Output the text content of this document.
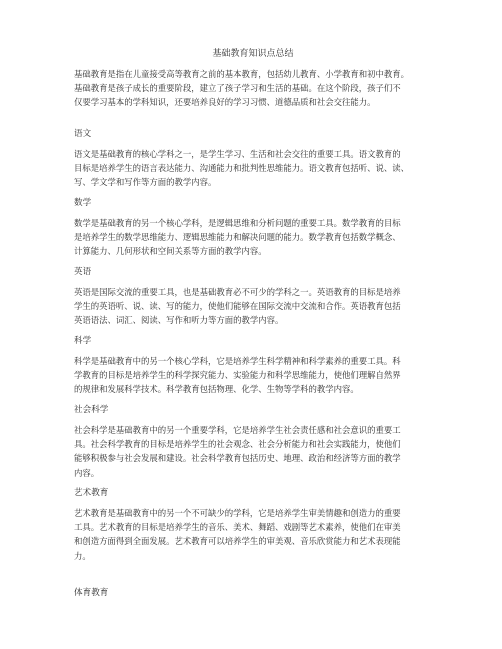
基础教育知识点总结

基础教育是指在儿童接受高等教育之前的基本教育，包括幼儿教育、小学教育和初中教育。
基础教育是孩子成长的重要阶段，建立了孩子学习和生活的基础。在这个阶段，孩子们不
仅要学习基本的学科知识，还要培养良好的学习习惯、道德品质和社会交往能力。

语文

语文是基础教育的核心学科之一，是学生学习、生活和社会交往的重要工具。语文教育的
目标是培养学生的语言表达能力、沟通能力和批判性思维能力。语文教育包括听、说、读、
写、学文学和写作等方面的教学内容。

数学

数学是基础教育的另一个核心学科，是逻辑思维和分析问题的重要工具。数学教育的目标
是培养学生的数学思维能力、逻辑思维能力和解决问题的能力。数学教育包括数学概念、
计算能力、几何形状和空间关系等方面的教学内容。

英语

英语是国际交流的重要工具，也是基础教育必不可少的学科之一。英语教育的目标是培养
学生的英语听、说、读、写的能力，使他们能够在国际交流中交流和合作。英语教育包括
英语语法、词汇、阅读、写作和听力等方面的教学内容。

科学

科学是基础教育中的另一个核心学科，它是培养学生科学精神和科学素养的重要工具。科
学教育的目标是培养学生的科学探究能力、实验能力和科学思维能力，使他们理解自然界
的规律和发展科学技术。科学教育包括物理、化学、生物等学科的教学内容。

社会科学

社会科学是基础教育中的另一个重要学科，它是培养学生社会责任感和社会意识的重要工
具。社会科学教育的目标是培养学生的社会观念、社会分析能力和社会实践能力，使他们
能够积极参与社会发展和建设。社会科学教育包括历史、地理、政治和经济等方面的教学
内容。

艺术教育

艺术教育是基础教育中的另一个不可缺少的学科，它是培养学生审美情趣和创造力的重要
工具。艺术教育的目标是培养学生的音乐、美术、舞蹈、戏剧等艺术素养，使他们在审美
和创造方面得到全面发展。艺术教育可以培养学生的审美观、音乐欣赏能力和艺术表现能
力。

体育教育
